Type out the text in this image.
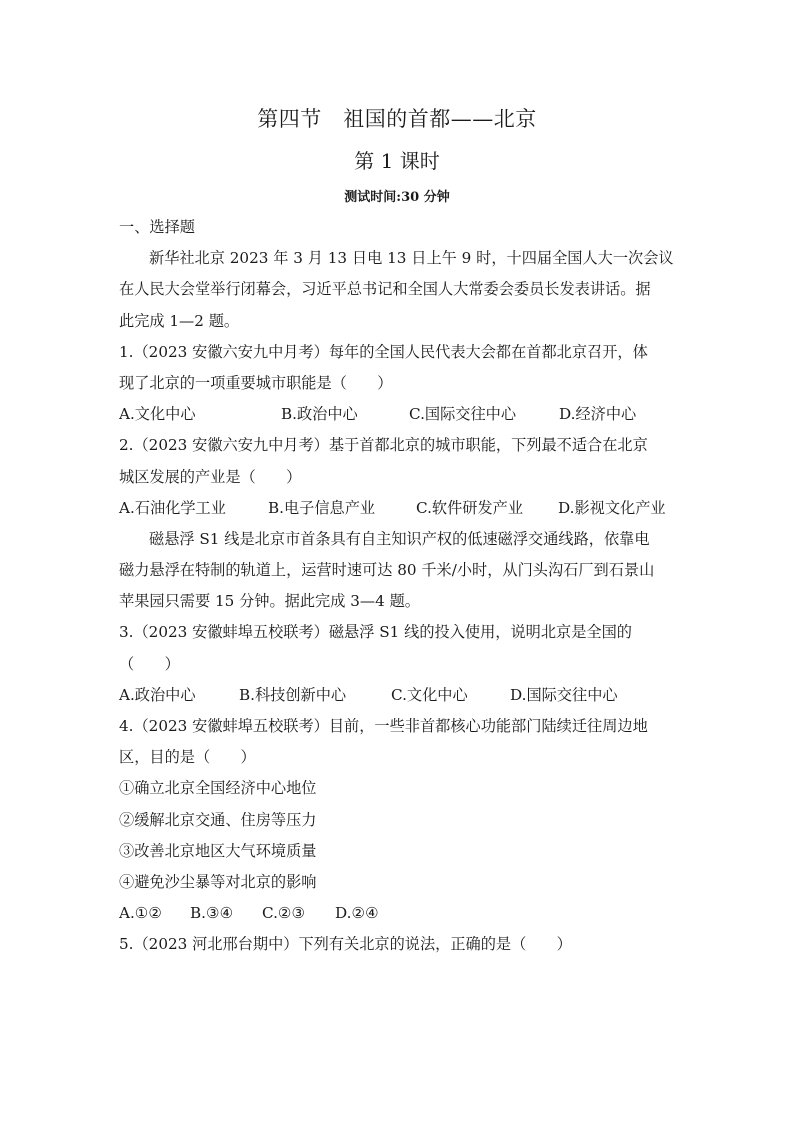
第四节　祖国的首都——北京
第 1 课时
测试时间:30 分钟
一、选择题
新华社北京 2023 年 3 月 13 日电 13 日上午 9 时，十四届全国人大一次会议
在人民大会堂举行闭幕会，习近平总书记和全国人大常委会委员长发表讲话。据
此完成 1—2 题。
1.（2023 安徽六安九中月考）每年的全国人民代表大会都在首都北京召开，体
现了北京的一项重要城市职能是（　　）
A.文化中心	B.政治中心	C.国际交往中心	D.经济中心
2.（2023 安徽六安九中月考）基于首都北京的城市职能，下列最不适合在北京
城区发展的产业是（　　）
A.石油化学工业	B.电子信息产业	C.软件研发产业	D.影视文化产业
磁悬浮 S1 线是北京市首条具有自主知识产权的低速磁浮交通线路，依靠电
磁力悬浮在特制的轨道上，运营时速可达 80 千米/小时，从门头沟石厂到石景山
苹果园只需要 15 分钟。据此完成 3—4 题。
3.（2023 安徽蚌埠五校联考）磁悬浮 S1 线的投入使用，说明北京是全国的
（　　）
A.政治中心	B.科技创新中心	C.文化中心	D.国际交往中心
4.（2023 安徽蚌埠五校联考）目前，一些非首都核心功能部门陆续迁往周边地
区，目的是（　　）
①确立北京全国经济中心地位
②缓解北京交通、住房等压力
③改善北京地区大气环境质量
④避免沙尘暴等对北京的影响
A.①②	B.③④	C.②③	D.②④
5.（2023 河北邢台期中）下列有关北京的说法，正确的是（　　）
